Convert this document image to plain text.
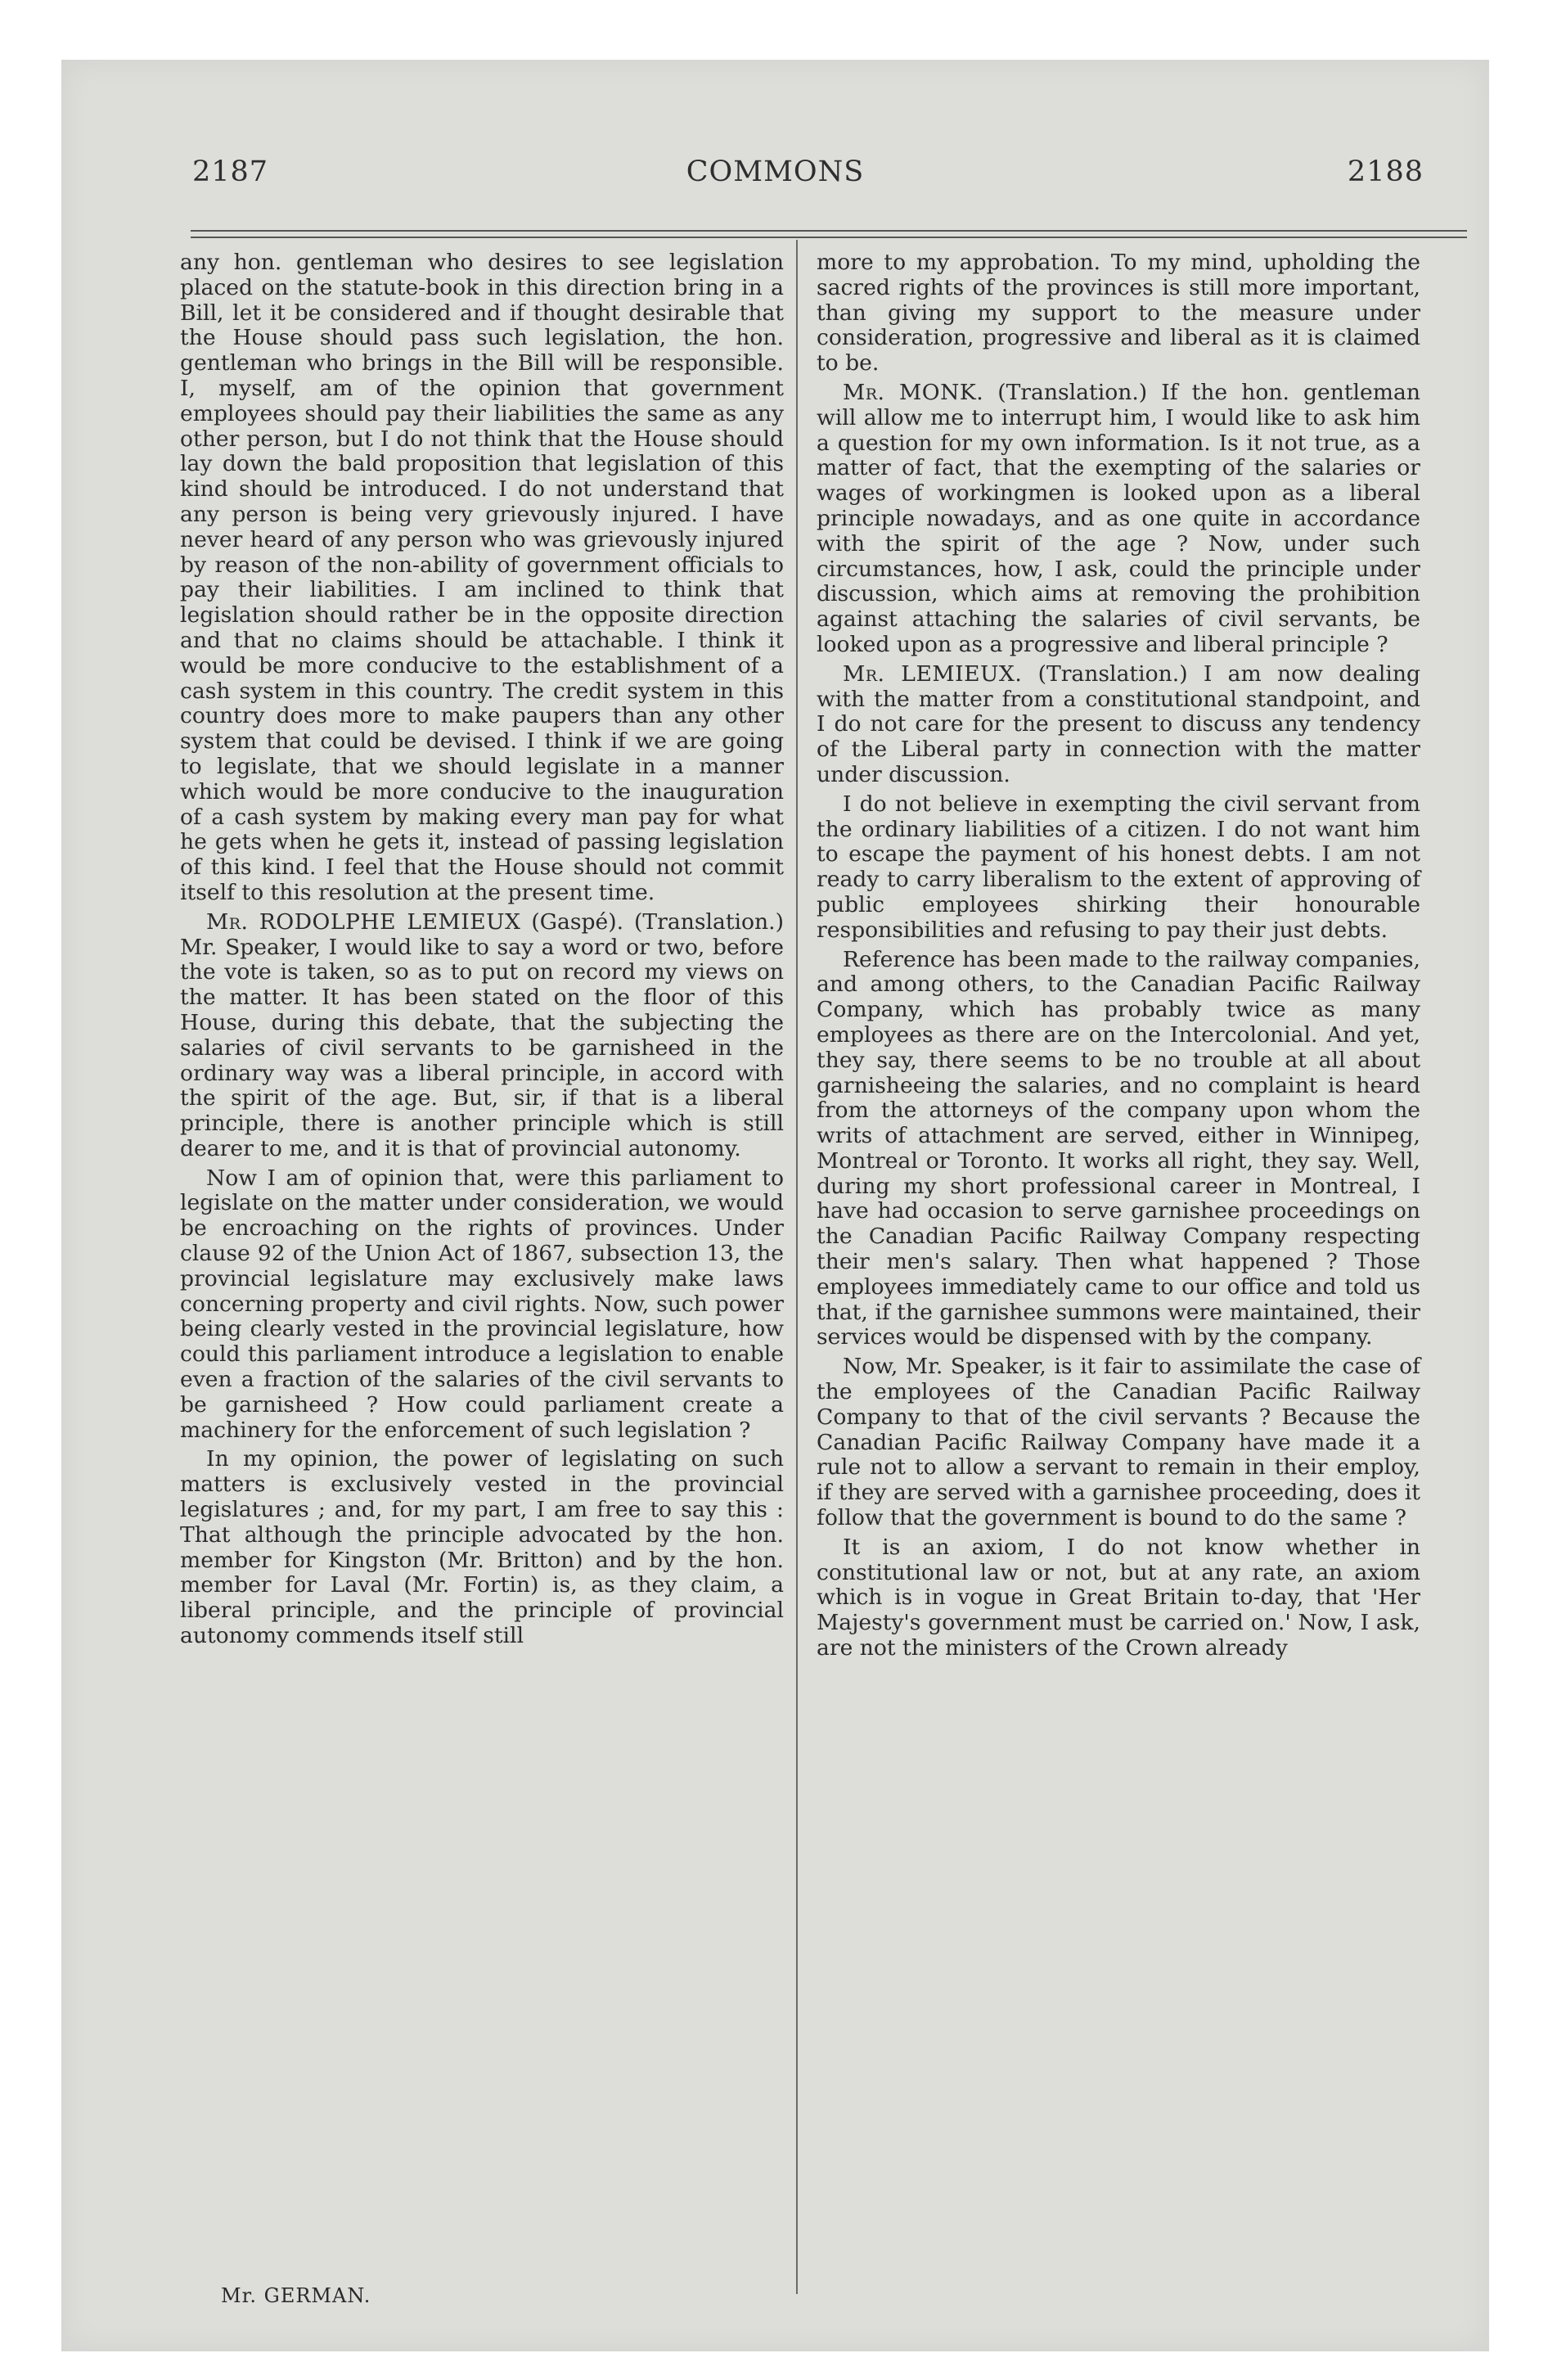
2187	COMMONS	2188

any hon. gentleman who desires to see legislation placed on the statute-book in this direction bring in a Bill, let it be considered and if thought desirable that the House should pass such legislation, the hon. gentleman who brings in the Bill will be responsible. I, myself, am of the opinion that government employees should pay their liabilities the same as any other person, but I do not think that the House should lay down the bald proposition that legislation of this kind should be introduced. I do not understand that any person is being very grievously injured. I have never heard of any person who was grievously injured by reason of the non-ability of government officials to pay their liabilities. I am inclined to think that legislation should rather be in the opposite direction and that no claims should be attachable. I think it would be more conducive to the establishment of a cash system in this country. The credit system in this country does more to make paupers than any other system that could be devised. I think if we are going to legislate, that we should legislate in a manner which would be more conducive to the inauguration of a cash system by making every man pay for what he gets when he gets it, instead of passing legislation of this kind. I feel that the House should not commit itself to this resolution at the present time.

Mr. RODOLPHE LEMIEUX (Gaspé). (Translation.) Mr. Speaker, I would like to say a word or two, before the vote is taken, so as to put on record my views on the matter. It has been stated on the floor of this House, during this debate, that the subjecting the salaries of civil servants to be garnisheed in the ordinary way was a liberal principle, in accord with the spirit of the age. But, sir, if that is a liberal principle, there is another principle which is still dearer to me, and it is that of provincial autonomy.

Now I am of opinion that, were this parliament to legislate on the matter under consideration, we would be encroaching on the rights of provinces. Under clause 92 of the Union Act of 1867, subsection 13, the provincial legislature may exclusively make laws concerning property and civil rights. Now, such power being clearly vested in the provincial legislature, how could this parliament introduce a legislation to enable even a fraction of the salaries of the civil servants to be garnisheed ? How could parliament create a machinery for the enforcement of such legislation ?

In my opinion, the power of legislating on such matters is exclusively vested in the provincial legislatures ; and, for my part, I am free to say this : That although the principle advocated by the hon. member for Kingston (Mr. Britton) and by the hon. member for Laval (Mr. Fortin) is, as they claim, a liberal principle, and the principle of provincial autonomy commends itself still

more to my approbation. To my mind, upholding the sacred rights of the provinces is still more important, than giving my support to the measure under consideration, progressive and liberal as it is claimed to be.

Mr. MONK. (Translation.) If the hon. gentleman will allow me to interrupt him, I would like to ask him a question for my own information. Is it not true, as a matter of fact, that the exempting of the salaries or wages of workingmen is looked upon as a liberal principle nowadays, and as one quite in accordance with the spirit of the age ? Now, under such circumstances, how, I ask, could the principle under discussion, which aims at removing the prohibition against attaching the salaries of civil servants, be looked upon as a progressive and liberal principle ?

Mr. LEMIEUX. (Translation.) I am now dealing with the matter from a constitutional standpoint, and I do not care for the present to discuss any tendency of the Liberal party in connection with the matter under discussion.

I do not believe in exempting the civil servant from the ordinary liabilities of a citizen. I do not want him to escape the payment of his honest debts. I am not ready to carry liberalism to the extent of approving of public employees shirking their honourable responsibilities and refusing to pay their just debts.

Reference has been made to the railway companies, and among others, to the Canadian Pacific Railway Company, which has probably twice as many employees as there are on the Intercolonial. And yet, they say, there seems to be no trouble at all about garnisheeing the salaries, and no complaint is heard from the attorneys of the company upon whom the writs of attachment are served, either in Winnipeg, Montreal or Toronto. It works all right, they say. Well, during my short professional career in Montreal, I have had occasion to serve garnishee proceedings on the Canadian Pacific Railway Company respecting their men's salary. Then what happened ? Those employees immediately came to our office and told us that, if the garnishee summons were maintained, their services would be dispensed with by the company.

Now, Mr. Speaker, is it fair to assimilate the case of the employees of the Canadian Pacific Railway Company to that of the civil servants ? Because the Canadian Pacific Railway Company have made it a rule not to allow a servant to remain in their employ, if they are served with a garnishee proceeding, does it follow that the government is bound to do the same ?

It is an axiom, I do not know whether in constitutional law or not, but at any rate, an axiom which is in vogue in Great Britain to-day, that 'Her Majesty's government must be carried on.' Now, I ask, are not the ministers of the Crown already

Mr. GERMAN.
